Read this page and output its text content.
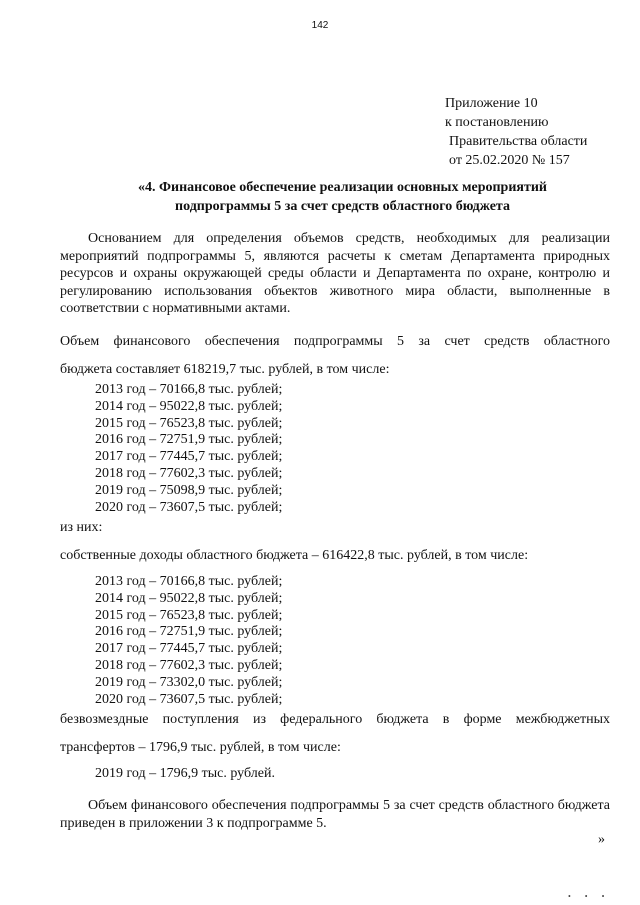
142
Приложение 10
к постановлению
Правительства области
от 25.02.2020 № 157
«4. Финансовое обеспечение реализации основных мероприятий
подпрограммы 5 за счет средств областного бюджета
Основанием для определения объемов средств, необходимых для реализации мероприятий подпрограммы 5, являются расчеты к сметам Департамента природных ресурсов и охраны окружающей среды области и Департамента по охране, контролю и регулированию использования объектов животного мира области, выполненные в соответствии с нормативными актами.
Объем финансового обеспечения подпрограммы 5 за счет средств областного
бюджета составляет 618219,7 тыс. рублей, в том числе:
2013 год – 70166,8 тыс. рублей;
2014 год – 95022,8 тыс. рублей;
2015 год – 76523,8 тыс. рублей;
2016 год – 72751,9 тыс. рублей;
2017 год – 77445,7 тыс. рублей;
2018 год – 77602,3 тыс. рублей;
2019 год – 75098,9 тыс. рублей;
2020 год – 73607,5 тыс. рублей;
из них:
собственные доходы областного бюджета – 616422,8 тыс. рублей, в том числе:
2013 год – 70166,8 тыс. рублей;
2014 год – 95022,8 тыс. рублей;
2015 год – 76523,8 тыс. рублей;
2016 год – 72751,9 тыс. рублей;
2017 год – 77445,7 тыс. рублей;
2018 год – 77602,3 тыс. рублей;
2019 год – 73302,0 тыс. рублей;
2020 год – 73607,5 тыс. рублей;
безвозмездные поступления из федерального бюджета в форме межбюджетных
трансфертов – 1796,9 тыс. рублей, в том числе:
2019 год – 1796,9 тыс. рублей.
Объем финансового обеспечения подпрограммы 5 за счет средств областного бюджета приведен в приложении 3 к подпрограмме 5.
»
• • •
